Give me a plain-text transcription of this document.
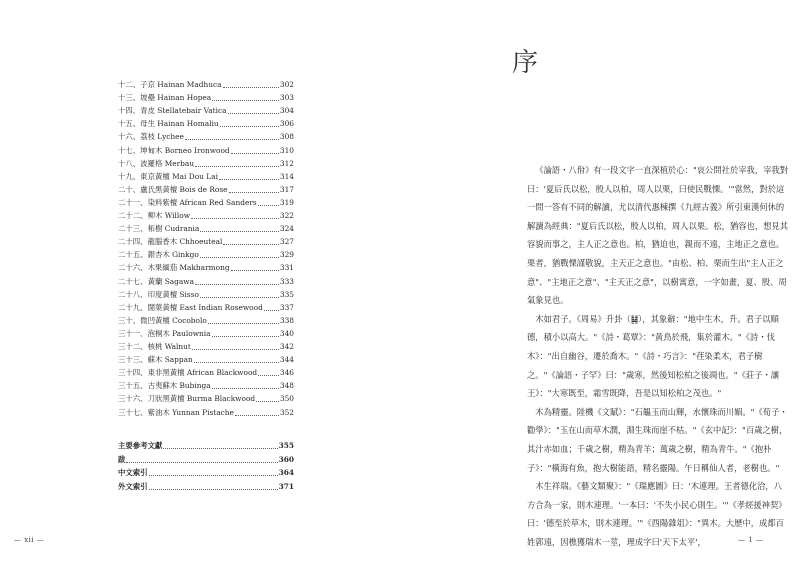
十二、子京 Hainan Madhuca	302
十三、坡壘 Hainan Hopea	303
十四、青皮 Stellatebair Vatica	304
十五、母生 Hainan Homaliu	306
十六、荔枝 Lychee	308
十七、坤甸木 Borneo Ironwood	310
十八、波羅格 Merbau	312
十九、東京黃檀 Mai Dou Lai	314
二十、盧氏黑黃檀 Bois de Rose	317
二十一、染料紫檀 African Red Sanders	319
二十二、柳木 Willow	322
二十三、柘樹 Cudrania	324
二十四、龍腦香木 Chhoeuteal	327
二十五、銀杏木 Ginkgo	329
二十六、木果緬茄 Makharmong	331
二十七、黃蘭 Sagawa	333
二十八、印度黃檀 Sisso	335
二十九、闊葉黃檀 East Indian Rosewood 337
三十、微凹黃檀 Cocobolo	338
三十一、泡桐木 Paulownia	340
三十二、核桃 Walnut	342
三十三、蘇木 Sappan	344
三十四、東非黑黃檀 African Blackwood	346
三十五、古夷蘇木 Bubinga	348
三十六、刀狀黑黃檀 Burma Blackwood	350
三十七、紫油木 Yunnan Pistache	352
主要參考文獻	355
跋	360
中文索引	364
外文索引	371
— xii —
序

《論語・八佾》有一段文字一直深植於心："哀公問社於宰我，宰我對曰：'夏后氏以松，殷人以柏，周人以栗，曰使民戰慄。'"當然，對於這一問一答有不同的解讀，尤以清代惠棟撰《九經古義》所引東漢何休的解讀為經典："夏后氏以松，殷人以柏，周人以栗。松，猶容也，想見其容貌而事之，主人正之意也。柏，猶迫也，親而不遠，主地正之意也。栗者，猶戰慄謹敬貌，主天正之意也。"由松、柏、栗而生出"主人正之意"、"主地正之意"、"主天正之意"，以樹寓意，一字如畫，夏、殷、周氣象見也。

木如君子。《周易》升卦（䷭），其象辭："地中生木，升。君子以順德，積小以高大。"《詩・葛覃》："黃鳥於飛，集於灌木。"《詩・伐木》："出自幽谷，遷於喬木。"《詩・巧言》："荏染柔木，君子樹之。"《論語・子罕》曰："歲寒，然後知松柏之後凋也。"《莊子・讓王》："大寒既至，霜雪既降，吾是以知松柏之茂也。"

木為精靈。陸機《文賦》："石韞玉而山輝，水懷珠而川媚。"《荀子・勸學》："玉在山而草木潤，淵生珠而崖不枯。"《玄中記》："百歲之樹，其汁赤如血；千歲之樹，精為青羊；萬歲之樹，精為青牛。"《抱朴子》："橫海有魚，抱大樹能語，精名靈陽。午日稱仙人者，老樹也。"

木生祥瑞。《藝文類聚》："《瑞應圖》曰：'木連理。王者德化洽，八方合為一家，則木連理。'一本曰：'不失小民心則生。'"《孝經援神契》曰：'德至於草木，則木連理。'"《酉陽雜俎》："異木。大歷中，成都百姓郭遠，因樵獲瑞木一莖，理成字曰'天下太平'，	— 1 —
